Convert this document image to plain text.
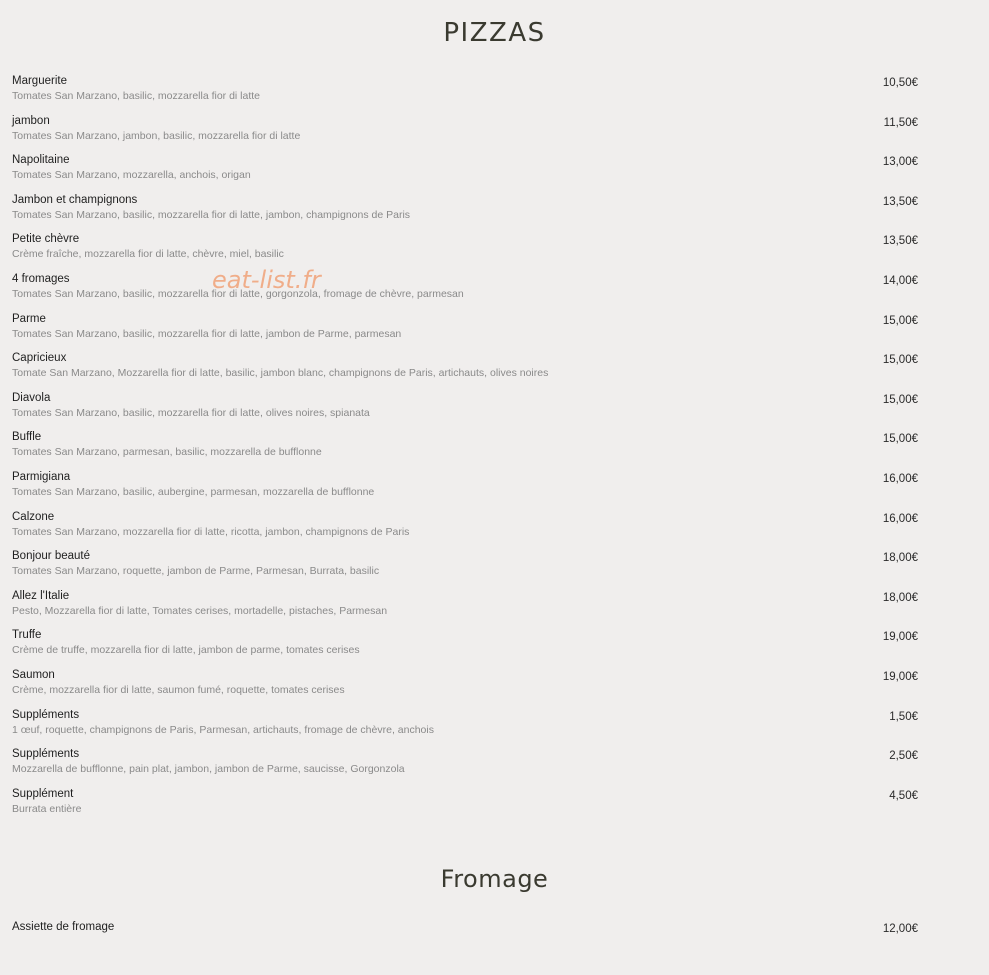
PIZZAS
Marguerite
Tomates San Marzano, basilic, mozzarella fior di latte
10,50€
jambon
Tomates San Marzano, jambon, basilic, mozzarella fior di latte
11,50€
Napolitaine
Tomates San Marzano, mozzarella, anchois, origan
13,00€
Jambon et champignons
Tomates San Marzano, basilic, mozzarella fior di latte, jambon, champignons de Paris
13,50€
Petite chèvre
Crème fraîche, mozzarella fior di latte, chèvre, miel, basilic
13,50€
4 fromages
Tomates San Marzano, basilic, mozzarella fior di latte, gorgonzola, fromage de chèvre, parmesan
14,00€
Parme
Tomates San Marzano, basilic, mozzarella fior di latte, jambon de Parme, parmesan
15,00€
Capricieux
Tomate San Marzano, Mozzarella fior di latte, basilic, jambon blanc, champignons de Paris, artichauts, olives noires
15,00€
Diavola
Tomates San Marzano, basilic, mozzarella fior di latte, olives noires, spianata
15,00€
Buffle
Tomates San Marzano, parmesan, basilic, mozzarella de bufflonne
15,00€
Parmigiana
Tomates San Marzano, basilic, aubergine, parmesan, mozzarella de bufflonne
16,00€
Calzone
Tomates San Marzano, mozzarella fior di latte, ricotta, jambon, champignons de Paris
16,00€
Bonjour beauté
Tomates San Marzano, roquette, jambon de Parme, Parmesan, Burrata, basilic
18,00€
Allez l'Italie
Pesto, Mozzarella fior di latte, Tomates cerises, mortadelle, pistaches, Parmesan
18,00€
Truffe
Crème de truffe, mozzarella fior di latte, jambon de parme, tomates cerises
19,00€
Saumon
Crème, mozzarella fior di latte, saumon fumé, roquette, tomates cerises
19,00€
Suppléments
1 œuf, roquette, champignons de Paris, Parmesan, artichauts, fromage de chèvre, anchois
1,50€
Suppléments
Mozzarella de bufflonne, pain plat, jambon, jambon de Parme, saucisse, Gorgonzola
2,50€
Supplément
Burrata entière
4,50€
Fromage
Assiette de fromage	12,00€
eat-list.fr
